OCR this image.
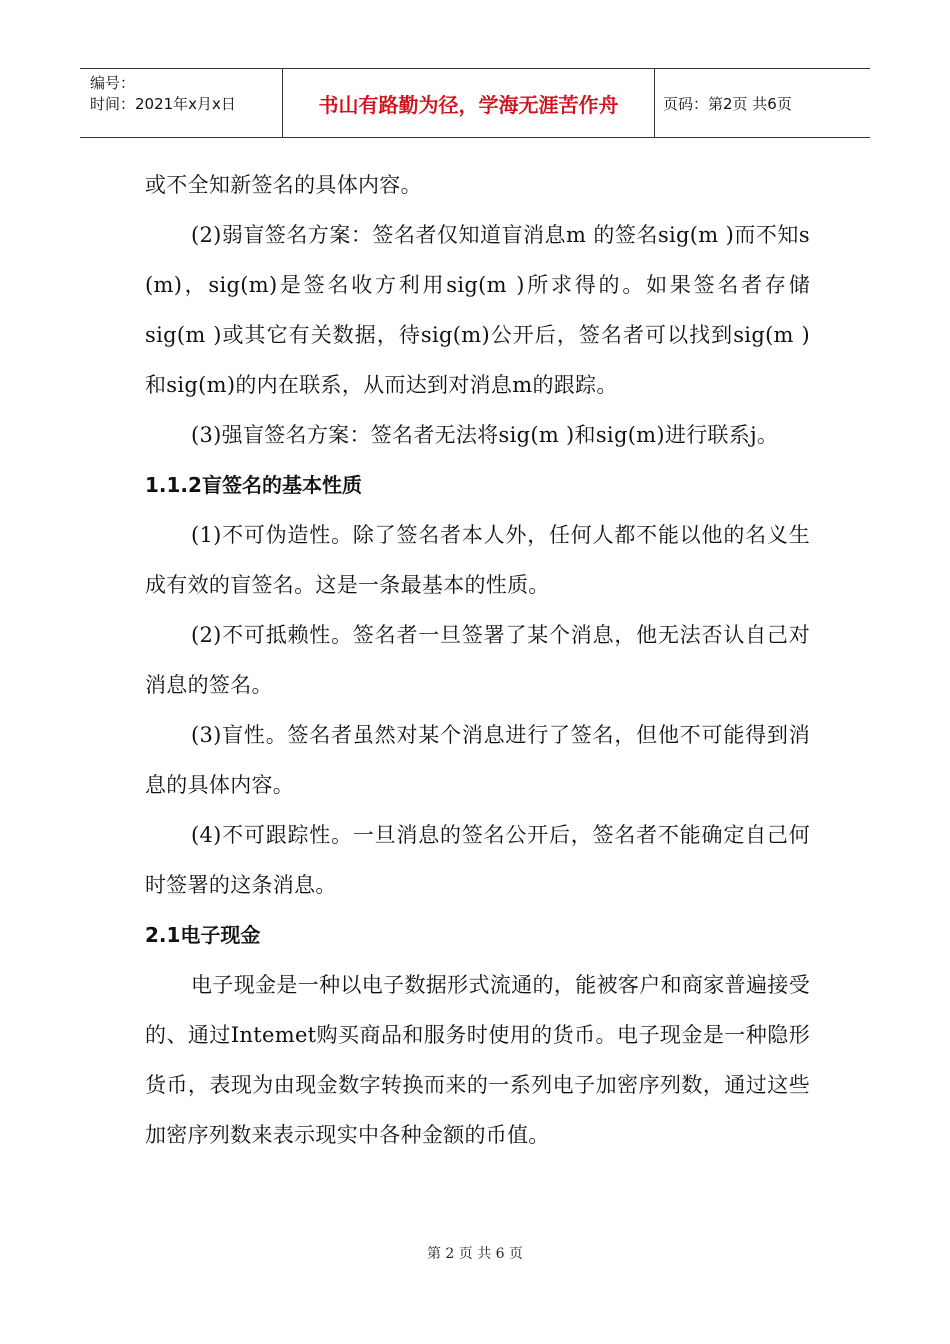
编号：
时间：2021年x月x日	书山有路勤为径，学海无涯苦作舟	页码：第2页 共6页

或不全知新签名的具体内容。

(2)弱盲签名方案：签名者仅知道盲消息m 的签名sig(m )而不知s (m)，sig(m)是签名收方利用sig(m )所求得的。如果签名者存储sig(m )或其它有关数据，待sig(m)公开后，签名者可以找到sig(m )和sig(m)的内在联系，从而达到对消息m的跟踪。

(3)强盲签名方案：签名者无法将sig(m )和sig(m)进行联系j。

1.1.2盲签名的基本性质

(1)不可伪造性。除了签名者本人外，任何人都不能以他的名义生成有效的盲签名。这是一条最基本的性质。

(2)不可抵赖性。签名者一旦签署了某个消息，他无法否认自己对消息的签名。

(3)盲性。签名者虽然对某个消息进行了签名，但他不可能得到消息的具体内容。

(4)不可跟踪性。一旦消息的签名公开后，签名者不能确定自己何时签署的这条消息。

2.1电子现金

电子现金是一种以电子数据形式流通的，能被客户和商家普遍接受的、通过Intemet购买商品和服务时使用的货币。电子现金是一种隐形货币，表现为由现金数字转换而来的一系列电子加密序列数，通过这些加密序列数来表示现实中各种金额的币值。

第 2 页 共 6 页
